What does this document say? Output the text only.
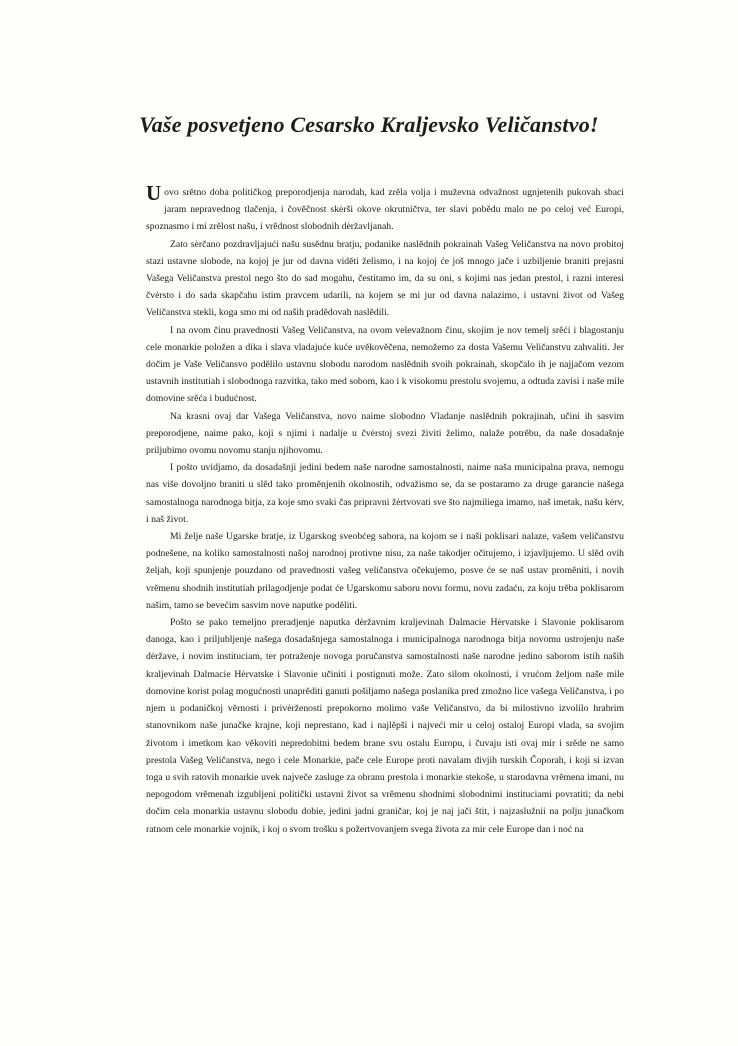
Vaše posvetjeno Cesarsko Kraljevsko Veličanstvo!

Uovo srĕtno doba političkog preporodjenja narodah, kad zrĕla volja i muževna odvažnost ugnjetenih pukovah sbaci jaram nepravednog tlačenja, i čověčnost skėrši okove okrutničtva, ter slavi pobĕdu malo ne po celoj već Europi, spoznasmo i mi zrĕlost našu, i vrĕdnost slobodnih dėržavljanah.

Zato sėrčano pozdravljajući našu susĕdnu bratju, podanike naslĕdnih pokrainah Vašeg Veličanstva na novo probitoj stazi ustavne slobode, na kojoj je jur od davna vidĕti želismo, i na kojoj će još mnogo jače i uzbiljenie braniti prejasni Vašega Veličanstva prestol nego što do sad mogahu, čestitamo im, da su oni, s kojimi nas jedan prestol, i razni interesi čvėrsto i do sada skapčahu istim pravcem udarili, na kojem se mi jur od davna nalazimo, i ustavni život od Vašeg Veličanstva stekli, koga smo mi od naših pradĕdovah naslĕdili.

I na ovom činu pravednosti Vašeg Veličanstva, na ovom velevažnom činu, skojim je nov temelj srĕći i blagostanju cele monarkie položen a dika i slava vladajuće kuće uvĕkovĕčena, nemožemo za dosta Vašemu Veličanstvu zahvaliti. Jer dočim je Vaše Veličansvo podĕlilo ustavnu slobodu narodom naslĕdnih svoih pokrainah, skopčalo ih je najjačom vezom ustavnih institutiah i slobodnoga razvitka, tako med sobom, kao i k visokomu prestolu svojemu, a odtuda zavisi i naše mile domovine srĕća i budućnost.

Na krasni ovaj dar Vašega Veličanstva, novo naime slobodno Vladanje naslĕdnih pokrajinah, učini ih sasvim preporodjene, naime pako, koji s njimi i nadalje u čvėrstoj svezi živiti želimo, nalaže potrĕbu, da naše dosadašnje priljubimo ovomu novomu stanju njihovomu.

I pošto uvidjamo, da dosadašnji jedini bedem naše narodne samostalnosti, naime naša municipalna prava, nemogu nas više dovoljno braniti u slĕd tako promĕnjenih okolnostih, odvažismo se, da se postaramo za druge garancie našega samostalnoga narodnoga bitja, za koje smo svaki čas pripravni žėrtvovati sve što najmiliega imamo, naš imetak, našu kėrv, i naš život.

Mi želje naše Ugarske bratje, iz Ugarskog sveobćeg sabora, na kojom se i naši poklisari nalaze, vašem veličanstvu podnešene, na koliko samostalnosti našoj narodnoj protivne nisu, za naše takodjer očitujemo, i izjavljujemo. U slĕd ovih željah, koji spunjenje pouzdano od pravednosti vašeg veličanstva očekujemo, posve će se naš ustav promĕniti, i novih vrĕmenu shodnih institutiah prilagodjenje podat će Ugarskomu saboru novu formu, novu zadaću, za koju trĕba poklisarom našim, tamo se bevećim sasvim nove naputke podĕliti.

Pošto se pako temeljno preradjenje naputka dėržavnim kraljevinah Dalmacie Hėrvatske i Slavonie poklisarom danoga, kao i priljubljenje našega dosadašnjega samostalnoga i municipalnoga narodnoga bitja novomu ustrojenju naše dėržave, i novim instituciam, ter potraženje novoga poručanstva samostalnosti naše narodne jedino saborom istih naših kraljevinah Dalmacie Hėrvatske i Slavonie učiniti i postignuti može. Zato silom okolnosti, i vrućom željom naše mile domovine korist polag mogućnosti unaprĕditi ganuti pošiljamo našega poslanika pred zmožno lice vašega Veličanstva, i po njem u podaničkoj vĕrnosti i privėrženosti prepokorno molimo vaše Veličanstvo, da bi milostivno izvolilo hrabrim stanovnikom naše junačke krajne, koji neprestano, kad i najlĕpši i najveći mir u celoj ostaloj Europi vlada, sa svojim životom i imetkom kao vĕkoviti nepredobitni bedem brane svu ostalu Europu, i čuvaju isti ovaj mir i srĕde ne samo prestola Vašeg Veličanstva, nego i cele Monarkie, pače cele Europe proti navalam divjih turskih Čoporah, i koji si izvan toga u svih ratovih monarkie uvek največe zasluge za obranu prestola i monarkie stekoše, u starodavna vrĕmena imani, nu nepogodom vrĕmenah izgubljeni politički ustavni život sa vrĕmenu shodnimi slobodnimi instituciami povratiti; da nebi dočim cela monarkia ustavnu slobodu dobie, jedini jadni graničar, koj je naj jači štit, i najzaslužnii na polju junačkom ratnom cele monarkie vojnik, i koj o svom trošku s požertvovanjem svega života za mir cele Europe dan i noć na
